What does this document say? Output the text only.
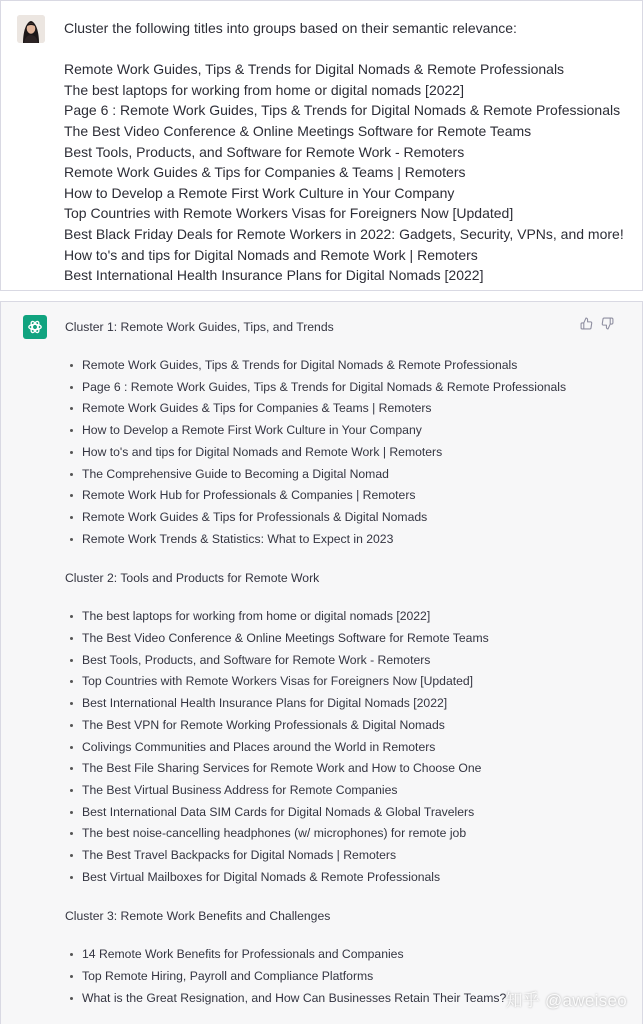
Cluster the following titles into groups based on their semantic relevance:
Remote Work Guides, Tips & Trends for Digital Nomads & Remote Professionals
The best laptops for working from home or digital nomads [2022]
Page 6 : Remote Work Guides, Tips & Trends for Digital Nomads & Remote Professionals
The Best Video Conference & Online Meetings Software for Remote Teams
Best Tools, Products, and Software for Remote Work - Remoters
Remote Work Guides & Tips for Companies & Teams | Remoters
How to Develop a Remote First Work Culture in Your Company
Top Countries with Remote Workers Visas for Foreigners Now [Updated]
Best Black Friday Deals for Remote Workers in 2022: Gadgets, Security, VPNs, and more!
How to's and tips for Digital Nomads and Remote Work | Remoters
Best International Health Insurance Plans for Digital Nomads [2022]
Cluster 1: Remote Work Guides, Tips, and Trends
Remote Work Guides, Tips & Trends for Digital Nomads & Remote Professionals
Page 6 : Remote Work Guides, Tips & Trends for Digital Nomads & Remote Professionals
Remote Work Guides & Tips for Companies & Teams | Remoters
How to Develop a Remote First Work Culture in Your Company
How to's and tips for Digital Nomads and Remote Work | Remoters
The Comprehensive Guide to Becoming a Digital Nomad
Remote Work Hub for Professionals & Companies | Remoters
Remote Work Guides & Tips for Professionals & Digital Nomads
Remote Work Trends & Statistics: What to Expect in 2023
Cluster 2: Tools and Products for Remote Work
The best laptops for working from home or digital nomads [2022]
The Best Video Conference & Online Meetings Software for Remote Teams
Best Tools, Products, and Software for Remote Work - Remoters
Top Countries with Remote Workers Visas for Foreigners Now [Updated]
Best International Health Insurance Plans for Digital Nomads [2022]
The Best VPN for Remote Working Professionals & Digital Nomads
Colivings Communities and Places around the World in Remoters
The Best File Sharing Services for Remote Work and How to Choose One
The Best Virtual Business Address for Remote Companies
Best International Data SIM Cards for Digital Nomads & Global Travelers
The best noise-cancelling headphones (w/ microphones) for remote job
The Best Travel Backpacks for Digital Nomads | Remoters
Best Virtual Mailboxes for Digital Nomads & Remote Professionals
Cluster 3: Remote Work Benefits and Challenges
14 Remote Work Benefits for Professionals and Companies
Top Remote Hiring, Payroll and Compliance Platforms
What is the Great Resignation, and How Can Businesses Retain Their Teams? 知乎 @aweiseo
